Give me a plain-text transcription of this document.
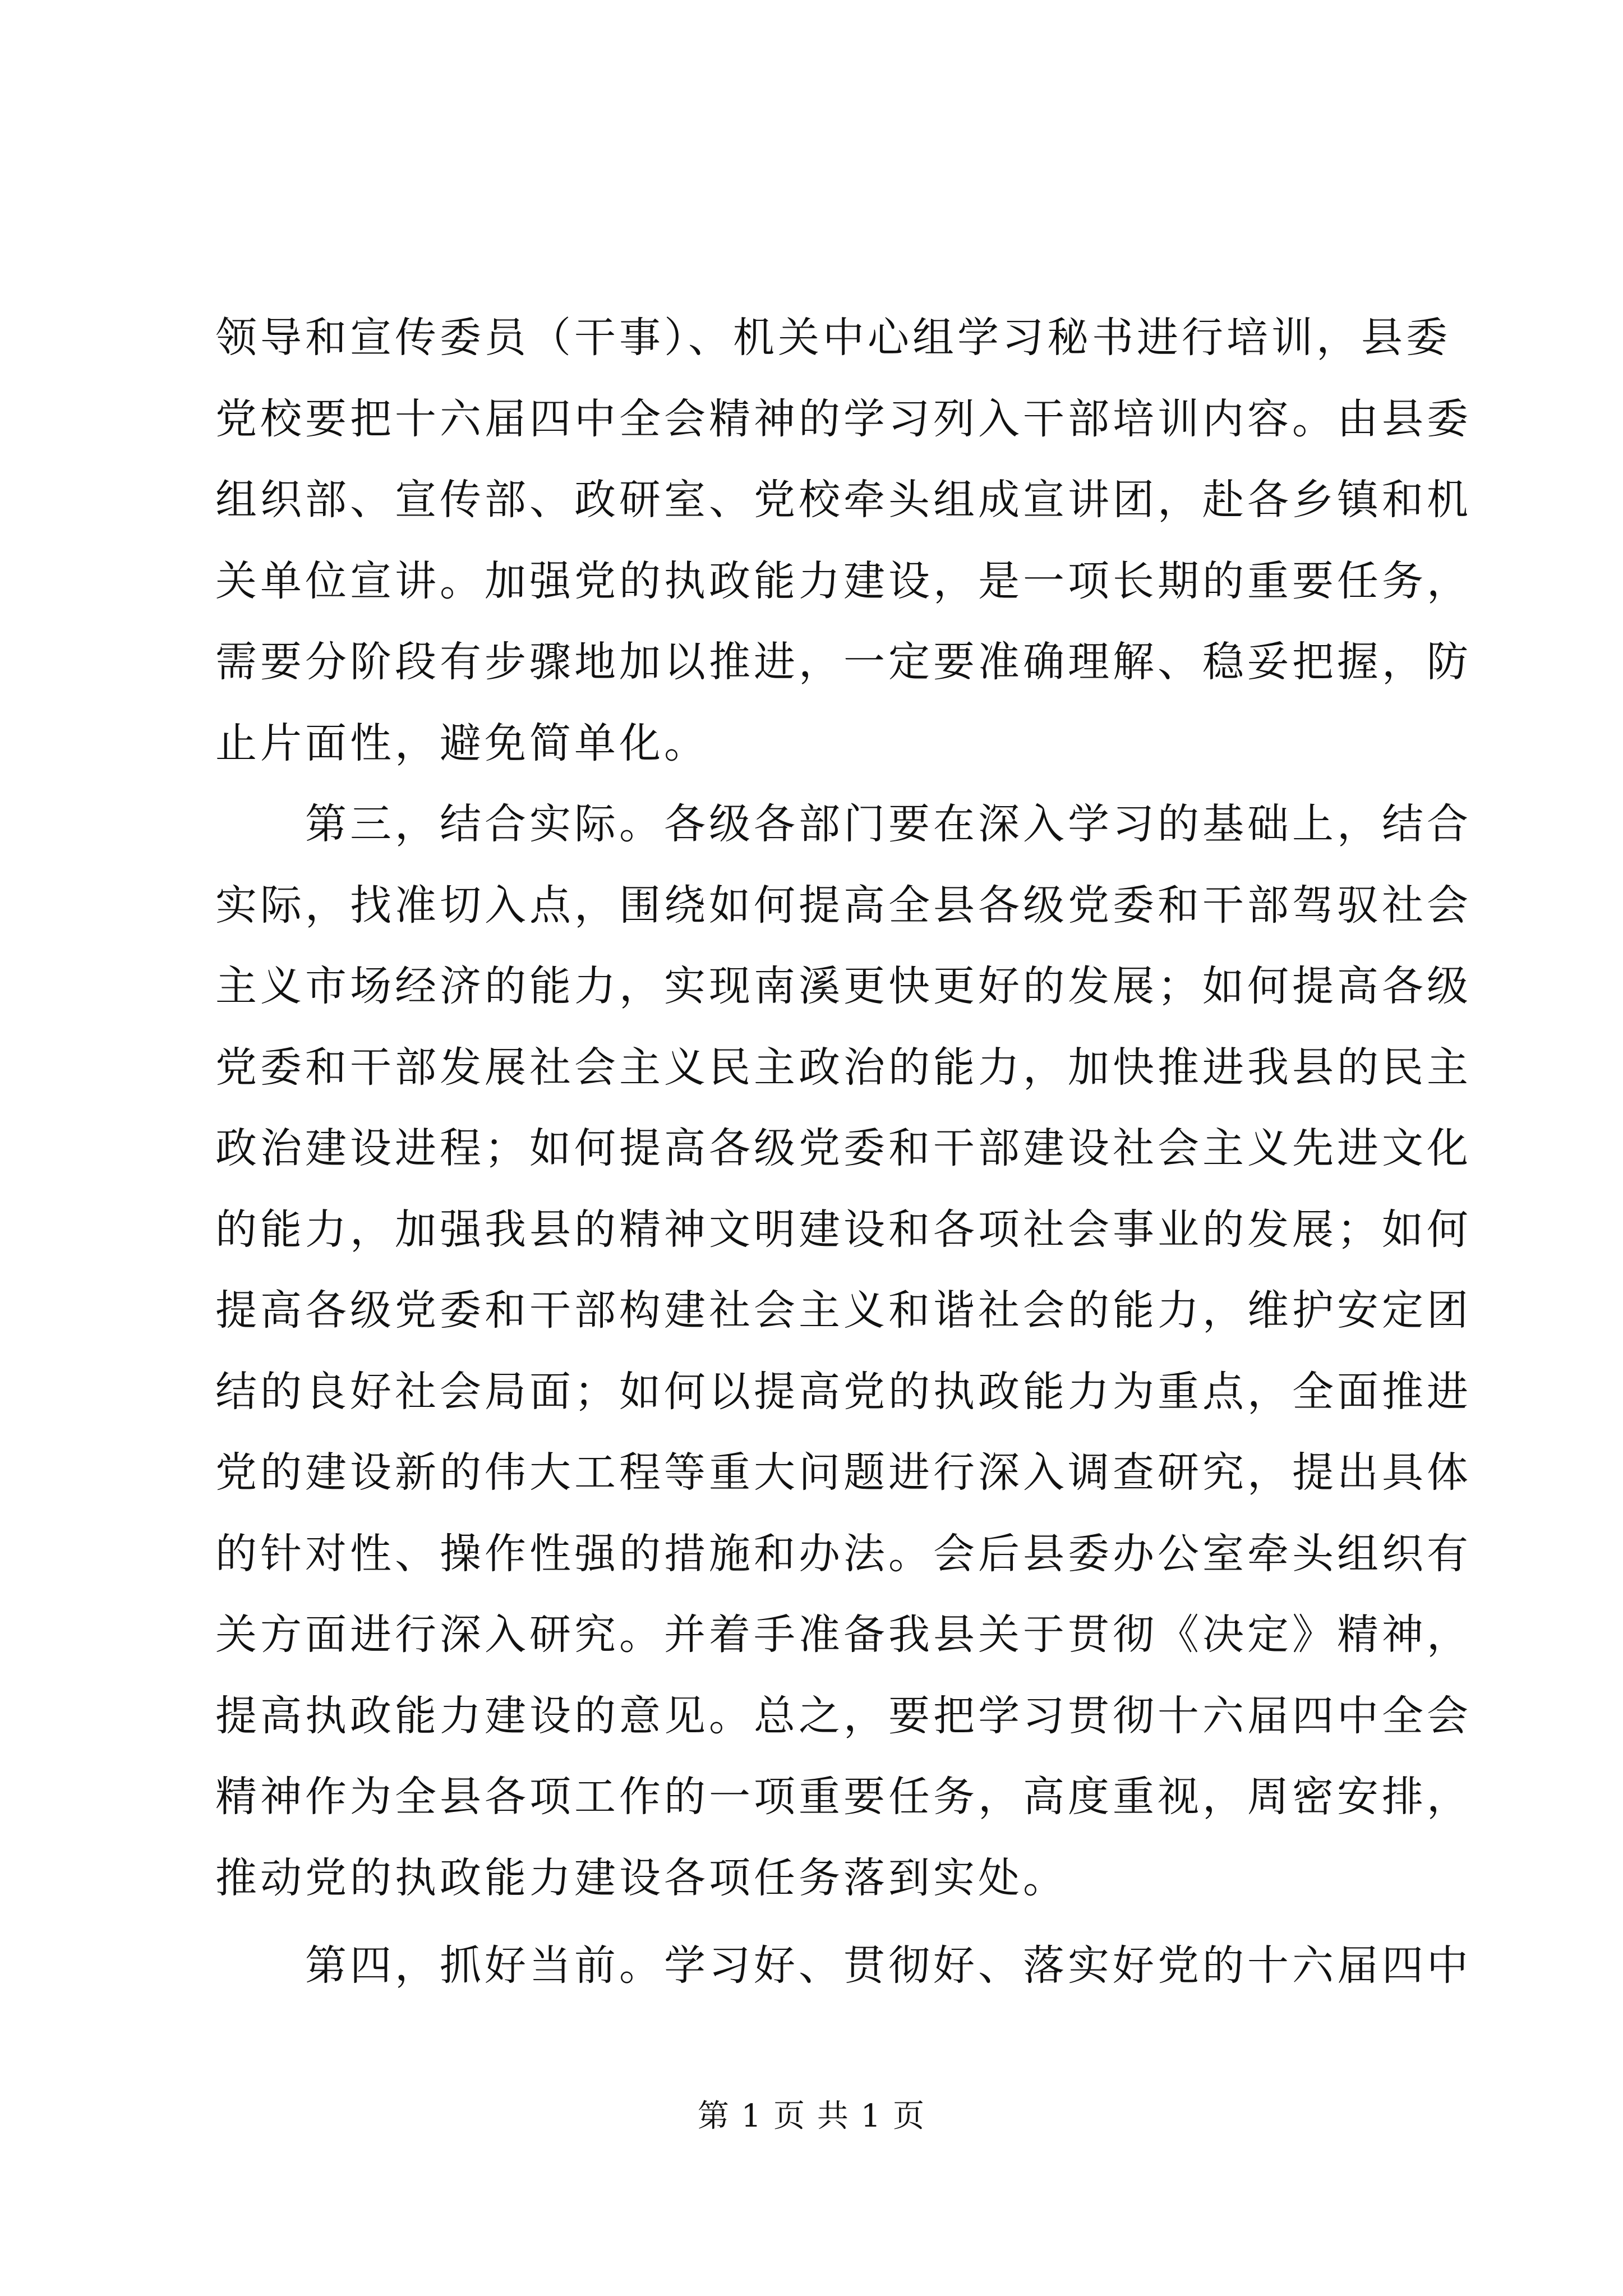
领导和宣传委员（干事）、机关中心组学习秘书进行培训，县委
党校要把十六届四中全会精神的学习列入干部培训内容。由县委
组织部、宣传部、政研室、党校牵头组成宣讲团，赴各乡镇和机
关单位宣讲。加强党的执政能力建设，是一项长期的重要任务，
需要分阶段有步骤地加以推进，一定要准确理解、稳妥把握，防
止片面性，避免简单化。
　　第三，结合实际。各级各部门要在深入学习的基础上，结合
实际，找准切入点，围绕如何提高全县各级党委和干部驾驭社会
主义市场经济的能力，实现南溪更快更好的发展；如何提高各级
党委和干部发展社会主义民主政治的能力，加快推进我县的民主
政治建设进程；如何提高各级党委和干部建设社会主义先进文化
的能力，加强我县的精神文明建设和各项社会事业的发展；如何
提高各级党委和干部构建社会主义和谐社会的能力，维护安定团
结的良好社会局面；如何以提高党的执政能力为重点，全面推进
党的建设新的伟大工程等重大问题进行深入调查研究，提出具体
的针对性、操作性强的措施和办法。会后县委办公室牵头组织有
关方面进行深入研究。并着手准备我县关于贯彻《决定》精神，
提高执政能力建设的意见。总之，要把学习贯彻十六届四中全会
精神作为全县各项工作的一项重要任务，高度重视，周密安排，
推动党的执政能力建设各项任务落到实处。
　　第四，抓好当前。学习好、贯彻好、落实好党的十六届四中
第 1 页 共 1 页
